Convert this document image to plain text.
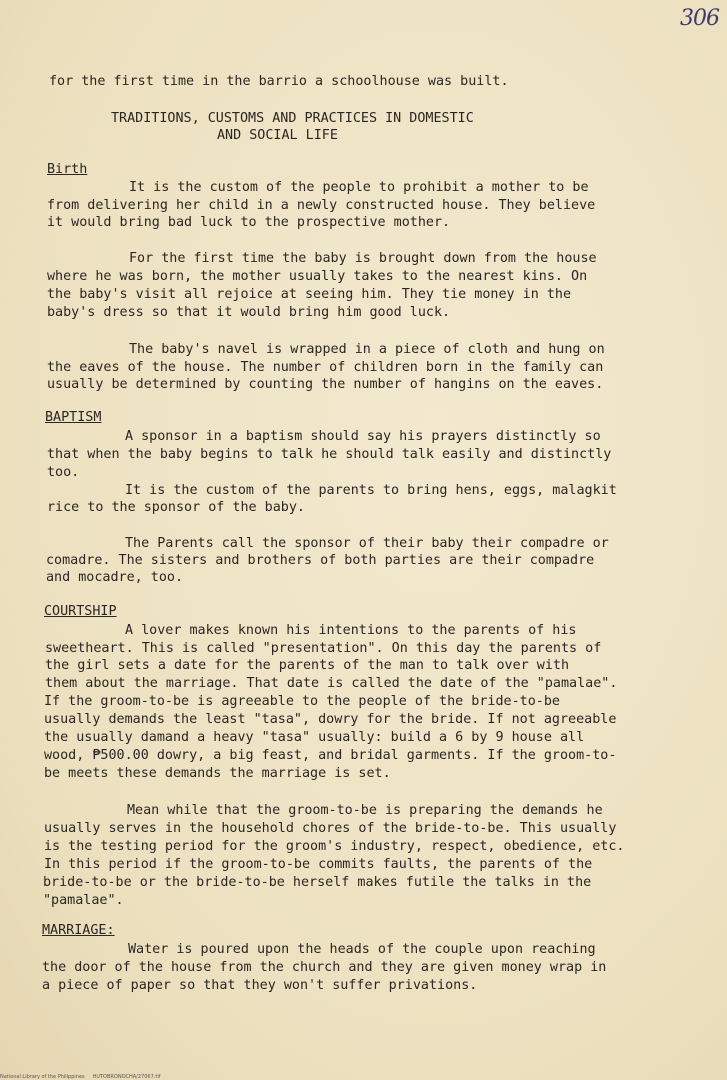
306
for the first time in the barrio a schoolhouse was built.
TRADITIONS, CUSTOMS AND PRACTICES IN DOMESTIC
AND SOCIAL LIFE
Birth
It is the custom of the people to prohibit a mother to be
from delivering her child in a newly constructed house. They believe
it would bring bad luck to the prospective mother.
For the first time the baby is brought down from the house
where he was born, the mother usually takes to the nearest kins. On
the baby's visit all rejoice at seeing him. They tie money in the
baby's dress so that it would bring him good luck.
The baby's navel is wrapped in a piece of cloth and hung on
the eaves of the house. The number of children born in the family can
usually be determined by counting the number of hangins on the eaves.
BAPTISM
A sponsor in a baptism should say his prayers distinctly so
that when the baby begins to talk he should talk easily and distinctly
too.
It is the custom of the parents to bring hens, eggs, malagkit
rice to the sponsor of the baby.
The Parents call the sponsor of their baby their compadre or
comadre. The sisters and brothers of both parties are their compadre
and mocadre, too.
COURTSHIP
A lover makes known his intentions to the parents of his
sweetheart. This is called "presentation". On this day the parents of
the girl sets a date for the parents of the man to talk over with
them about the marriage. That date is called the date of the "pamalae".
If the groom-to-be is agreeable to the people of the bride-to-be
usually demands the least "tasa", dowry for the bride. If not agreeable
the usually damand a heavy "tasa" usually: build a 6 by 9 house all
wood, ₱500.00 dowry, a big feast, and bridal garments. If the groom-to-
be meets these demands the marriage is set.
Mean while that the groom-to-be is preparing the demands he
usually serves in the household chores of the bride-to-be. This usually
is the testing period for the groom's industry, respect, obedience, etc.
In this period if the groom-to-be commits faults, the parents of the
bride-to-be or the bride-to-be herself makes futile the talks in the
"pamalae".
MARRIAGE:
Water is poured upon the heads of the couple upon reaching
the door of the house from the church and they are given money wrap in
a piece of paper so that they won't suffer privations.
National Library of the Philippines     HUTOBRONOCHA/27067.tif
